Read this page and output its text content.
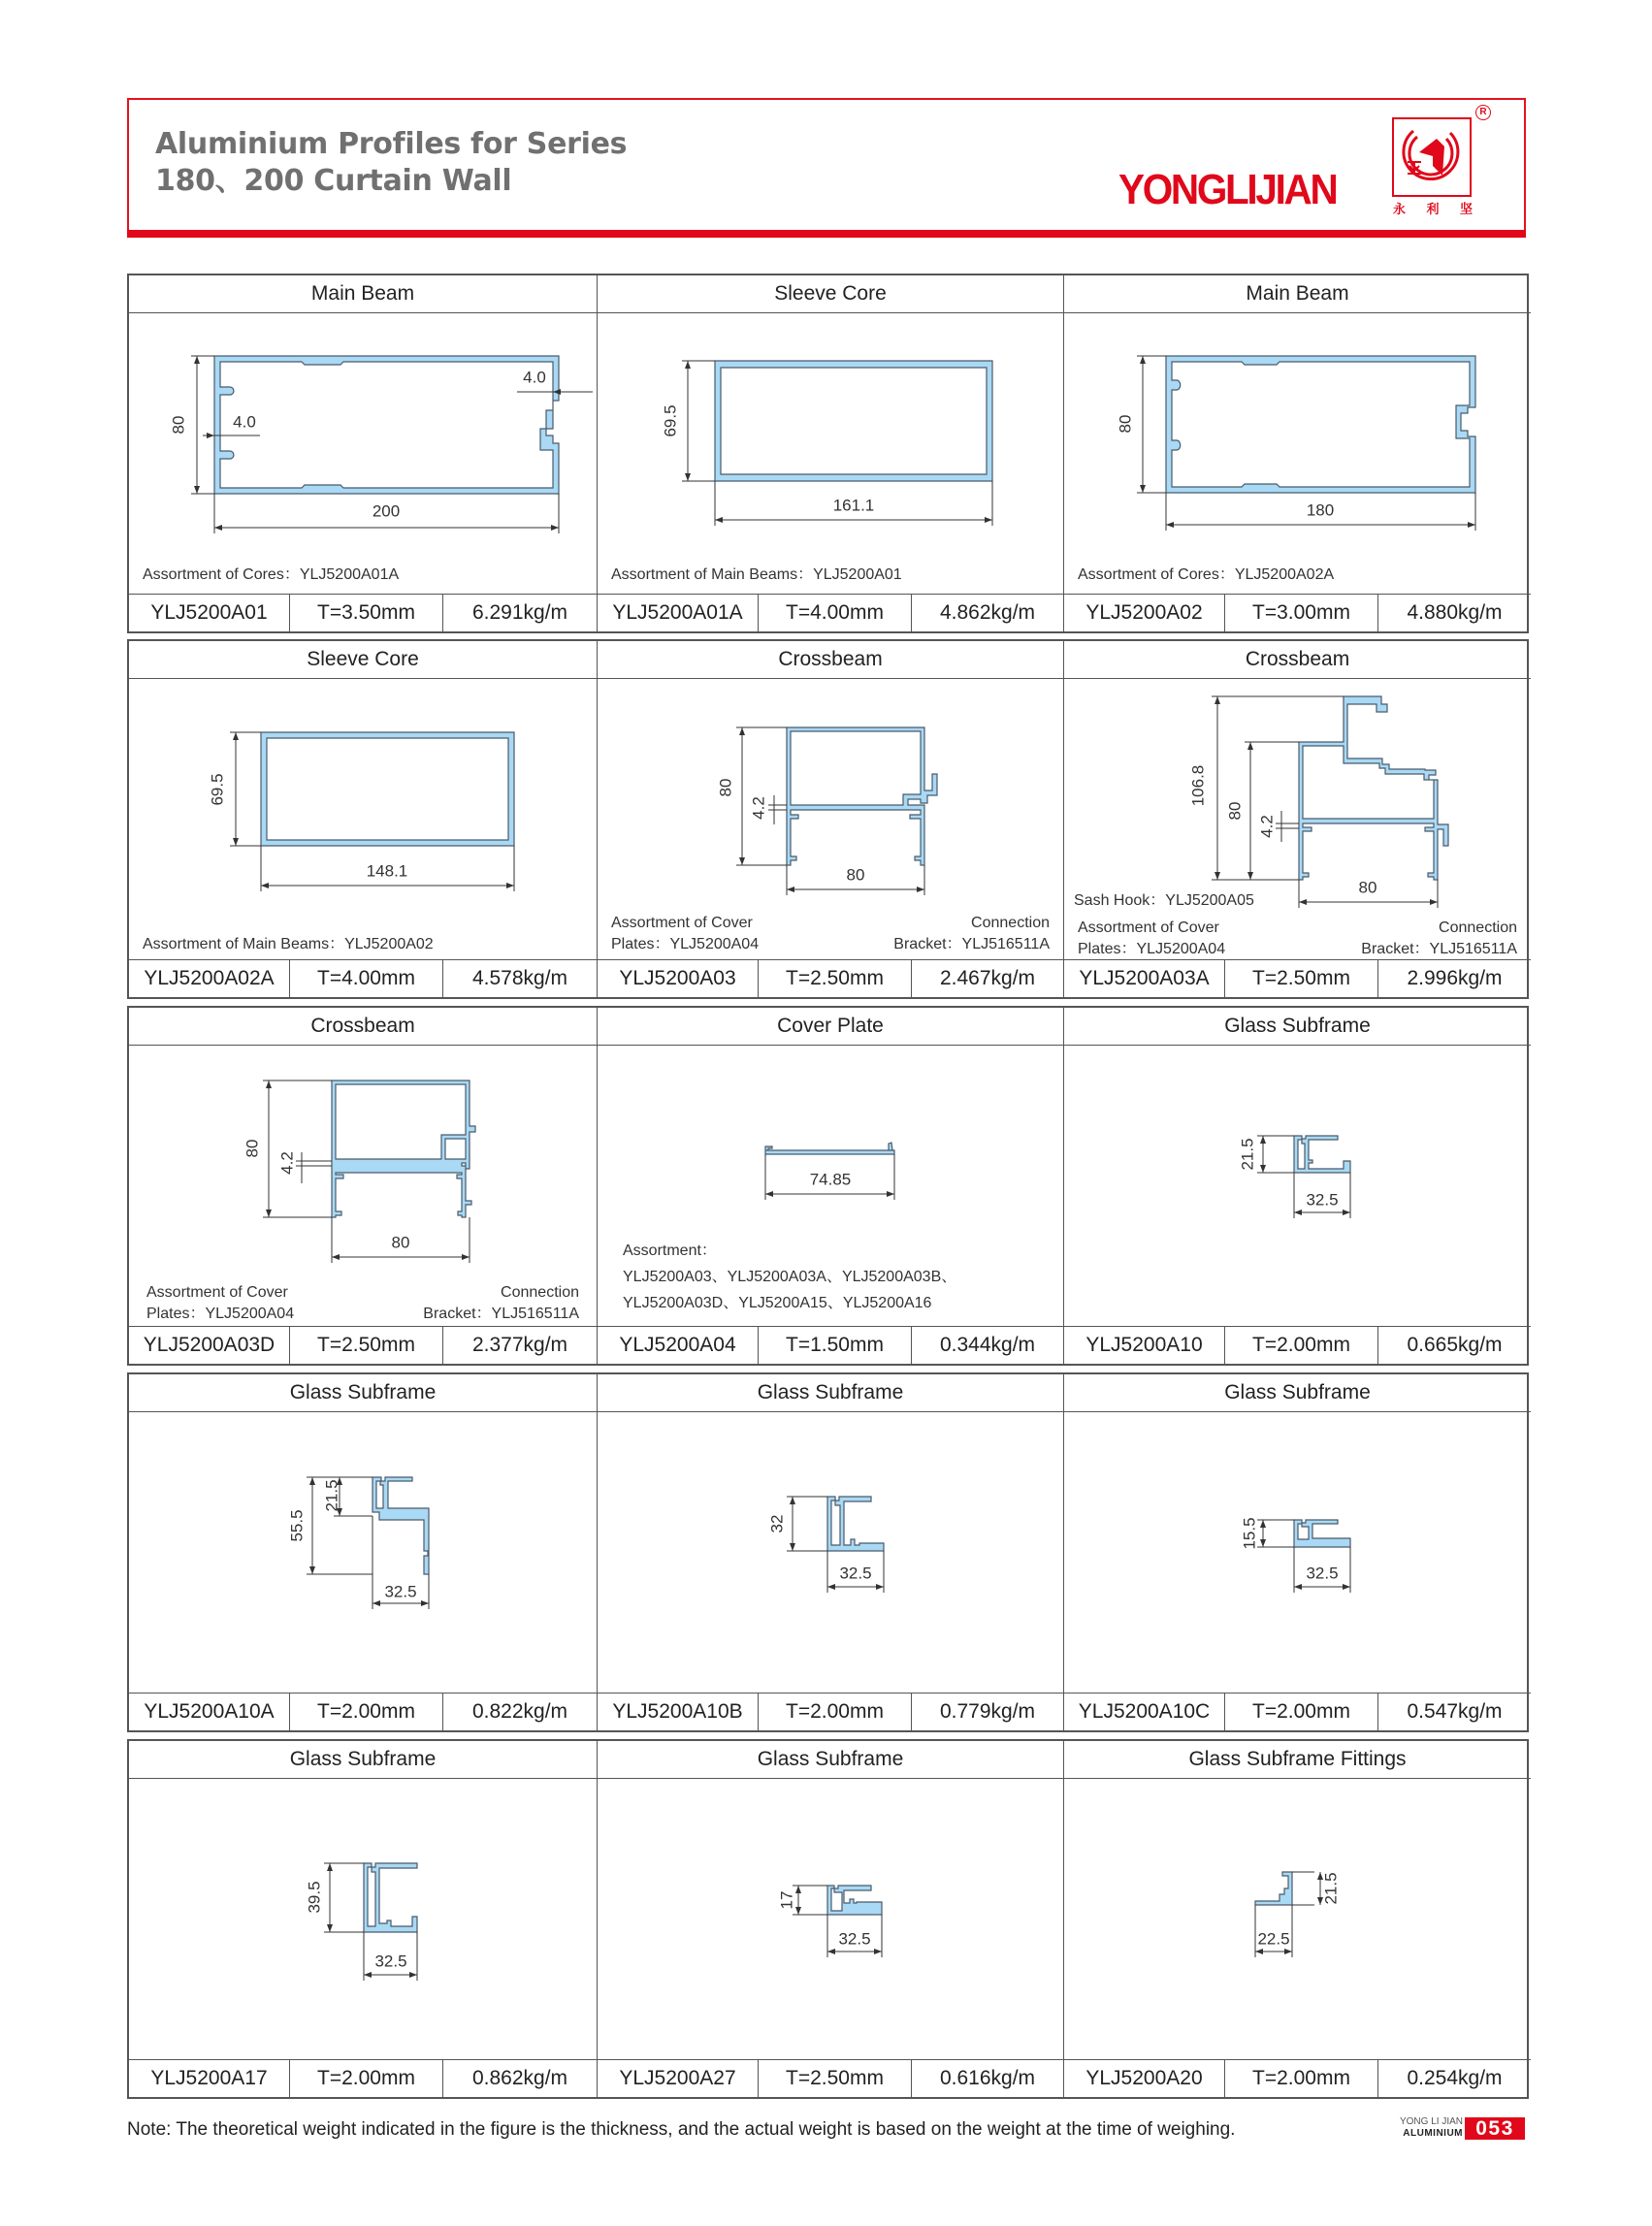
Aluminium Profiles for Series
180、200 Curtain Wall	YONGLIJIAN
R
永 利 坚
Main Beam
80
200
4.0
4.0
Assortment of Cores：YLJ5200A01A
YLJ5200A01	T=3.50mm	6.291kg/m
Sleeve Core
69.5
161.1
Assortment of Main Beams：YLJ5200A01
YLJ5200A01A	T=4.00mm	4.862kg/m
Main Beam
80
180
Assortment of Cores：YLJ5200A02A
YLJ5200A02	T=3.00mm	4.880kg/m
Sleeve Core
69.5
148.1
Assortment of Main Beams：YLJ5200A02
YLJ5200A02A	T=4.00mm	4.578kg/m
Crossbeam
80
4.2
80
Assortment of Cover
Plates：YLJ5200A04
Connection
Bracket：YLJ516511A
YLJ5200A03	T=2.50mm	2.467kg/m
Crossbeam
106.8
80
4.2
80
Sash Hook：YLJ5200A05
Assortment of Cover
Plates：YLJ5200A04
Connection
Bracket：YLJ516511A
YLJ5200A03A	T=2.50mm	2.996kg/m
Crossbeam
80
4.2
80
Assortment of Cover
Plates：YLJ5200A04
Connection
Bracket：YLJ516511A
YLJ5200A03D	T=2.50mm	2.377kg/m
Cover Plate
74.85
Assortment：
YLJ5200A03、YLJ5200A03A、YLJ5200A03B、
YLJ5200A03D、YLJ5200A15、YLJ5200A16
YLJ5200A04	T=1.50mm	0.344kg/m
Glass Subframe
21.5
32.5
YLJ5200A10	T=2.00mm	0.665kg/m
Glass Subframe
55.5
21.5
32.5
YLJ5200A10A	T=2.00mm	0.822kg/m
Glass Subframe
32
32.5
YLJ5200A10B	T=2.00mm	0.779kg/m
Glass Subframe
15.5
32.5
YLJ5200A10C	T=2.00mm	0.547kg/m
Glass Subframe
39.5
32.5
YLJ5200A17	T=2.00mm	0.862kg/m
Glass Subframe
17
32.5
YLJ5200A27	T=2.50mm	0.616kg/m
Glass Subframe Fittings
21.5
22.5
YLJ5200A20	T=2.00mm	0.254kg/m
Note: The theoretical weight indicated in the figure is the thickness, and the actual weight is based on the weight at the time of weighing.	YONG LI JIAN
ALUMINIUM 053
